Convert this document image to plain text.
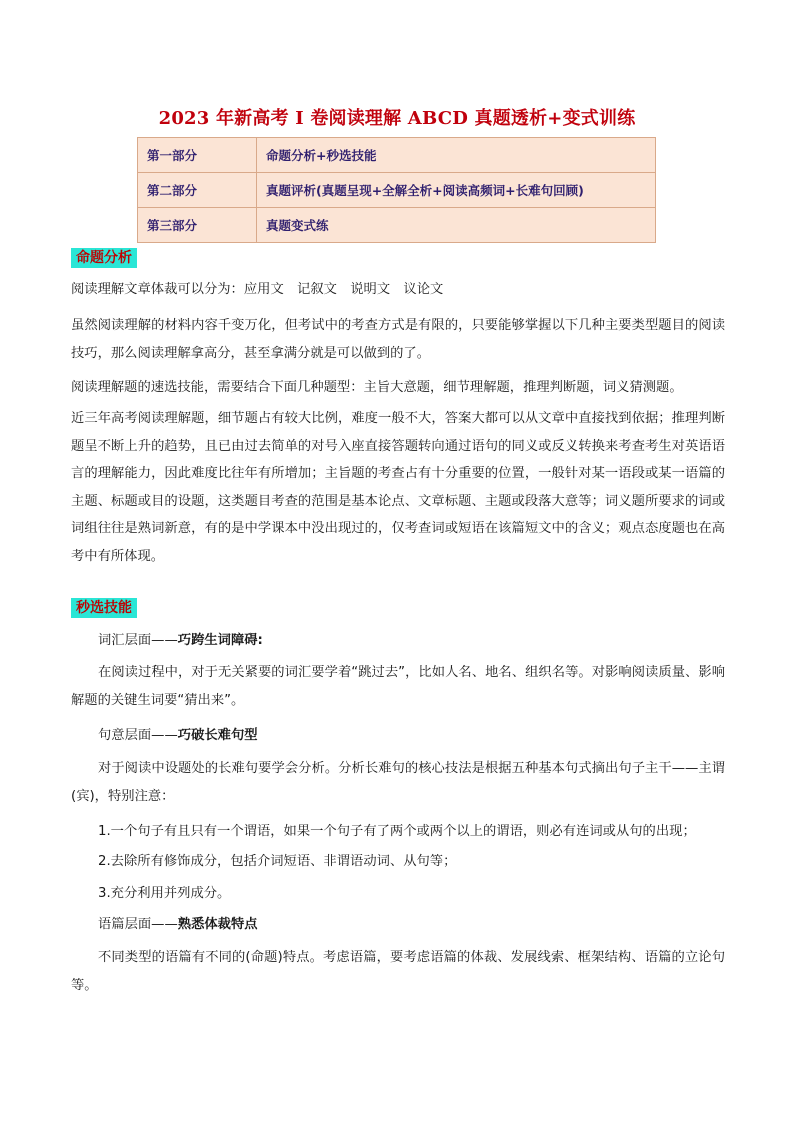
2023 年新高考 I 卷阅读理解 ABCD 真题透析+变式训练
第一部分	命题分析+秒选技能
第二部分	真题评析(真题呈现+全解全析+阅读高频词+长难句回顾)
第三部分	真题变式练
命题分析

阅读理解文章体裁可以分为：应用文　记叙文　说明文　议论文

虽然阅读理解的材料内容千变万化，但考试中的考查方式是有限的，只要能够掌握以下几种主要类型题目的阅读技巧，那么阅读理解拿高分，甚至拿满分就是可以做到的了。

阅读理解题的速选技能，需要结合下面几种题型：主旨大意题，细节理解题，推理判断题，词义猜测题。

近三年高考阅读理解题，细节题占有较大比例，难度一般不大，答案大都可以从文章中直接找到依据；推理判断题呈不断上升的趋势，且已由过去简单的对号入座直接答题转向通过语句的同义或反义转换来考查考生对英语语言的理解能力，因此难度比往年有所增加；主旨题的考查占有十分重要的位置，一般针对某一语段或某一语篇的主题、标题或目的设题，这类题目考查的范围是基本论点、文章标题、主题或段落大意等；词义题所要求的词或词组往往是熟词新意，有的是中学课本中没出现过的，仅考查词或短语在该篇短文中的含义；观点态度题也在高考中有所体现。

秒选技能
词汇层面——巧跨生词障碍:

在阅读过程中，对于无关紧要的词汇要学着“跳过去”，比如人名、地名、组织名等。对影响阅读质量、影响解题的关键生词要“猜出来”。

句意层面——巧破长难句型

对于阅读中设题处的长难句要学会分析。分析长难句的核心技法是根据五种基本句式摘出句子主干——主谓(宾)，特别注意：

1.一个句子有且只有一个谓语，如果一个句子有了两个或两个以上的谓语，则必有连词或从句的出现；
2.去除所有修饰成分，包括介词短语、非谓语动词、从句等；
3.充分利用并列成分。
语篇层面——熟悉体裁特点

不同类型的语篇有不同的(命题)特点。考虑语篇，要考虑语篇的体裁、发展线索、框架结构、语篇的立论句等。
